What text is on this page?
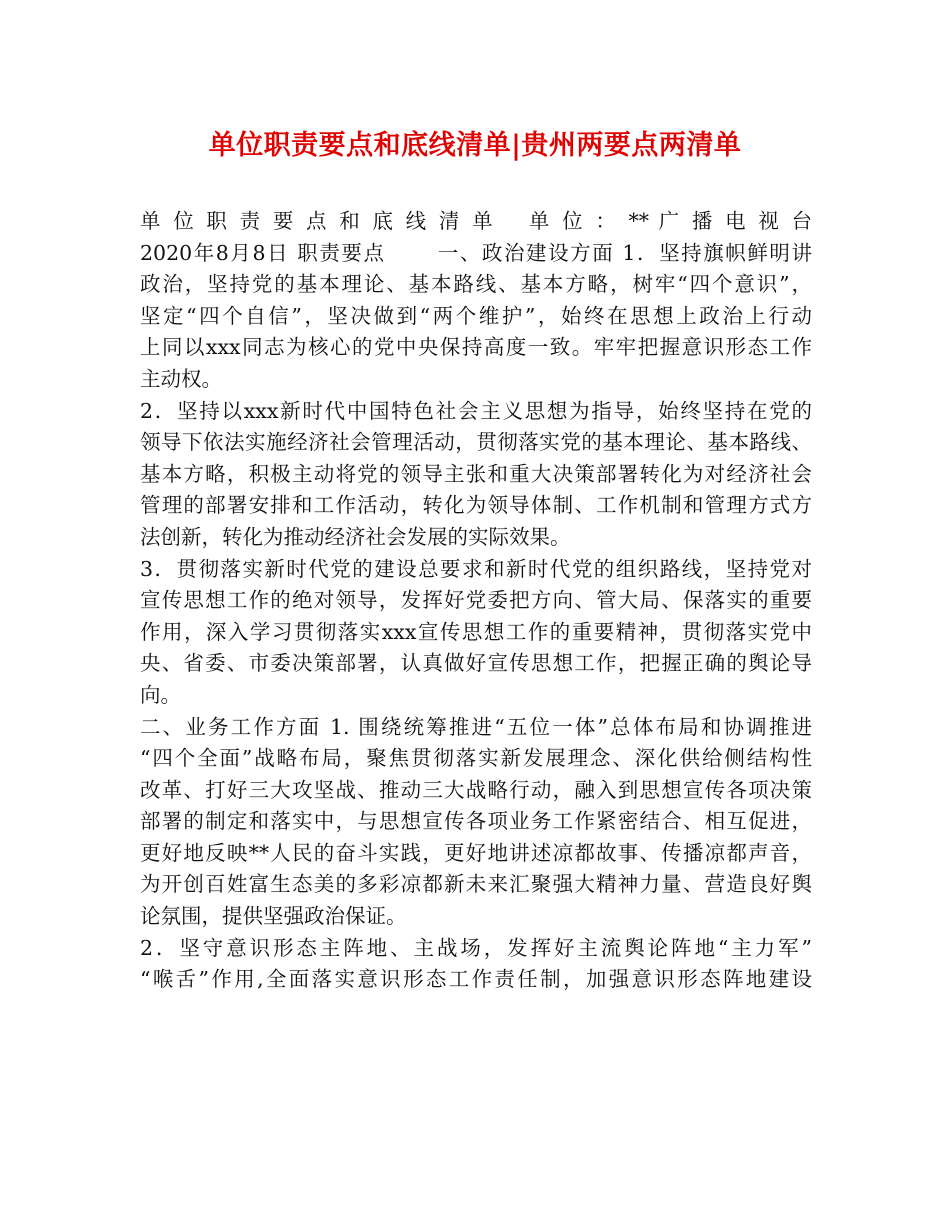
单位职责要点和底线清单|贵州两要点两清单
单 位 职 责 要 点 和 底 线 清 单　 单 位 ： ** 广 播 电 视 台
2020年8月8日 职责要点　　 一、政治建设方面 1．坚持旗帜鲜明讲
政治，坚持党的基本理论、基本路线、基本方略，树牢“四个意识”，
坚定“四个自信”，坚决做到“两个维护”，始终在思想上政治上行动
上同以xxx同志为核心的党中央保持高度一致。牢牢把握意识形态工作
主动权。
2．坚持以xxx新时代中国特色社会主义思想为指导，始终坚持在党的
领导下依法实施经济社会管理活动，贯彻落实党的基本理论、基本路线、
基本方略，积极主动将党的领导主张和重大决策部署转化为对经济社会
管理的部署安排和工作活动，转化为领导体制、工作机制和管理方式方
法创新，转化为推动经济社会发展的实际效果。
3．贯彻落实新时代党的建设总要求和新时代党的组织路线，坚持党对
宣传思想工作的绝对领导，发挥好党委把方向、管大局、保落实的重要
作用，深入学习贯彻落实xxx宣传思想工作的重要精神，贯彻落实党中
央、省委、市委决策部署，认真做好宣传思想工作，把握正确的舆论导
向。
二、业务工作方面 1. 围绕统筹推进“五位一体”总体布局和协调推进
“四个全面”战略布局，聚焦贯彻落实新发展理念、深化供给侧结构性
改革、打好三大攻坚战、推动三大战略行动，融入到思想宣传各项决策
部署的制定和落实中，与思想宣传各项业务工作紧密结合、相互促进，
更好地反映**人民的奋斗实践，更好地讲述凉都故事、传播凉都声音，
为开创百姓富生态美的多彩凉都新未来汇聚强大精神力量、营造良好舆
论氛围，提供坚强政治保证。
2．坚守意识形态主阵地、主战场，发挥好主流舆论阵地“主力军”
“喉舌”作用,全面落实意识形态工作责任制，加强意识形态阵地建设
